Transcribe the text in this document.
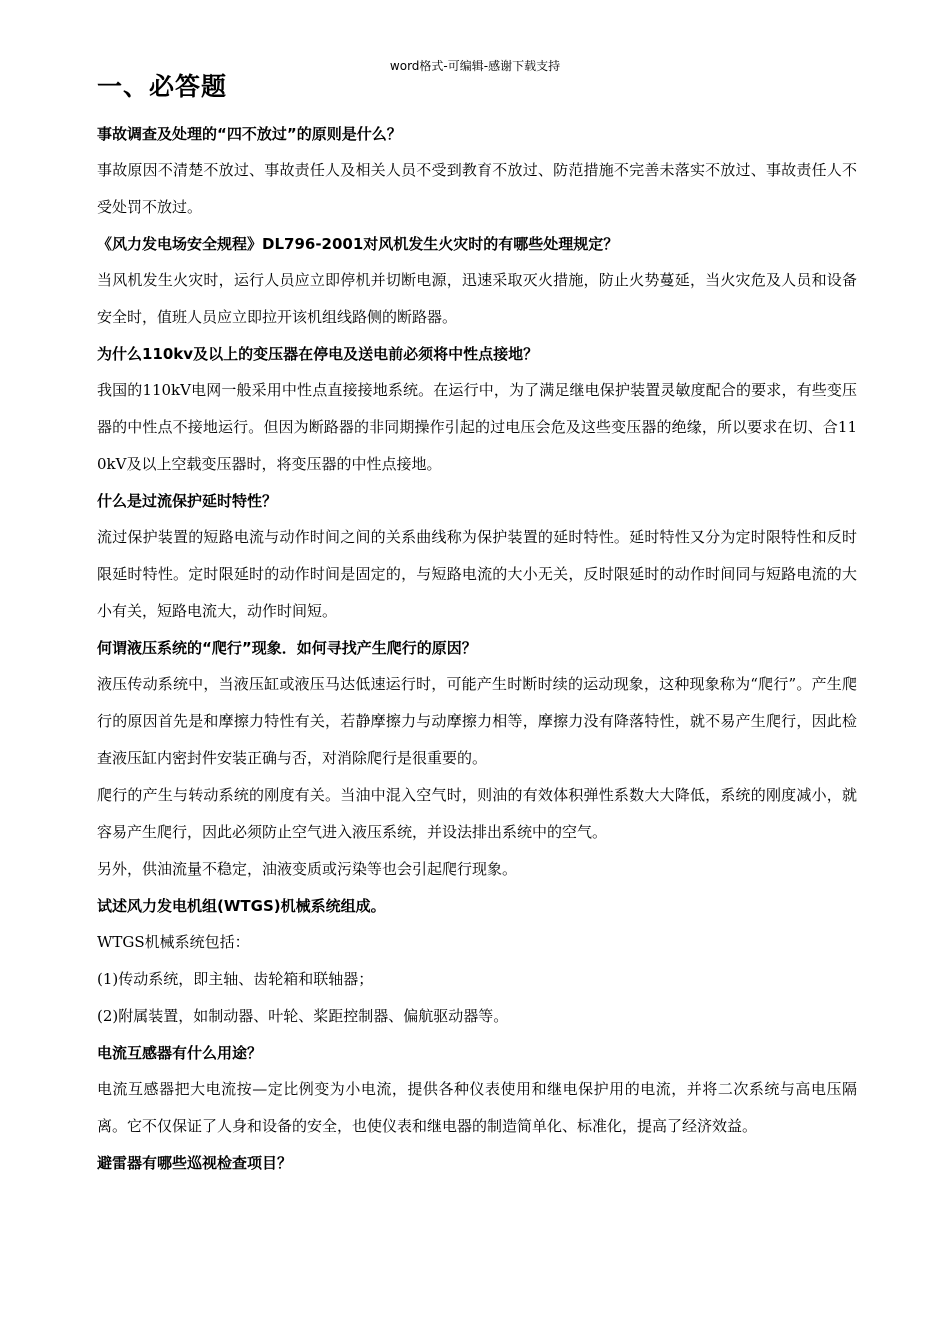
word格式-可编辑-感谢下载支持
一、必答题
事故调查及处理的“四不放过”的原则是什么？
事故原因不清楚不放过、事故责任人及相关人员不受到教育不放过、防范措施不完善未落实不放过、事故责任人不受处罚不放过。
《风力发电场安全规程》DL796-2001对风机发生火灾时的有哪些处理规定？
当风机发生火灾时，运行人员应立即停机并切断电源，迅速采取灭火措施，防止火势蔓延，当火灾危及人员和设备安全时，值班人员应立即拉开该机组线路侧的断路器。
为什么110kv及以上的变压器在停电及送电前必须将中性点接地？
我国的110kV电网一般采用中性点直接接地系统。在运行中，为了满足继电保护装置灵敏度配合的要求，有些变压器的中性点不接地运行。但因为断路器的非同期操作引起的过电压会危及这些变压器的绝缘，所以要求在切、合110kV及以上空载变压器时，将变压器的中性点接地。
什么是过流保护延时特性？
流过保护装置的短路电流与动作时间之间的关系曲线称为保护装置的延时特性。延时特性又分为定时限特性和反时限延时特性。定时限延时的动作时间是固定的，与短路电流的大小无关，反时限延时的动作时间同与短路电流的大小有关，短路电流大，动作时间短。
何谓液压系统的“爬行”现象．如何寻找产生爬行的原因？
液压传动系统中，当液压缸或液压马达低速运行时，可能产生时断时续的运动现象，这种现象称为“爬行”。产生爬行的原因首先是和摩擦力特性有关，若静摩擦力与动摩擦力相等，摩擦力没有降落特性，就不易产生爬行，因此检查液压缸内密封件安装正确与否，对消除爬行是很重要的。
爬行的产生与转动系统的刚度有关。当油中混入空气时，则油的有效体积弹性系数大大降低，系统的刚度减小，就容易产生爬行，因此必须防止空气进入液压系统，并设法排出系统中的空气。
另外，供油流量不稳定，油液变质或污染等也会引起爬行现象。
试述风力发电机组(WTGS)机械系统组成。
WTGS机械系统包括：
(1)传动系统，即主轴、齿轮箱和联轴器；
(2)附属装置，如制动器、叶轮、桨距控制器、偏航驱动器等。
电流互感器有什么用途？
电流互感器把大电流按—定比例变为小电流，提供各种仪表使用和继电保护用的电流，并将二次系统与高电压隔离。它不仅保证了人身和设备的安全，也使仪表和继电器的制造简单化、标准化，提高了经济效益。
避雷器有哪些巡视检查项目？
